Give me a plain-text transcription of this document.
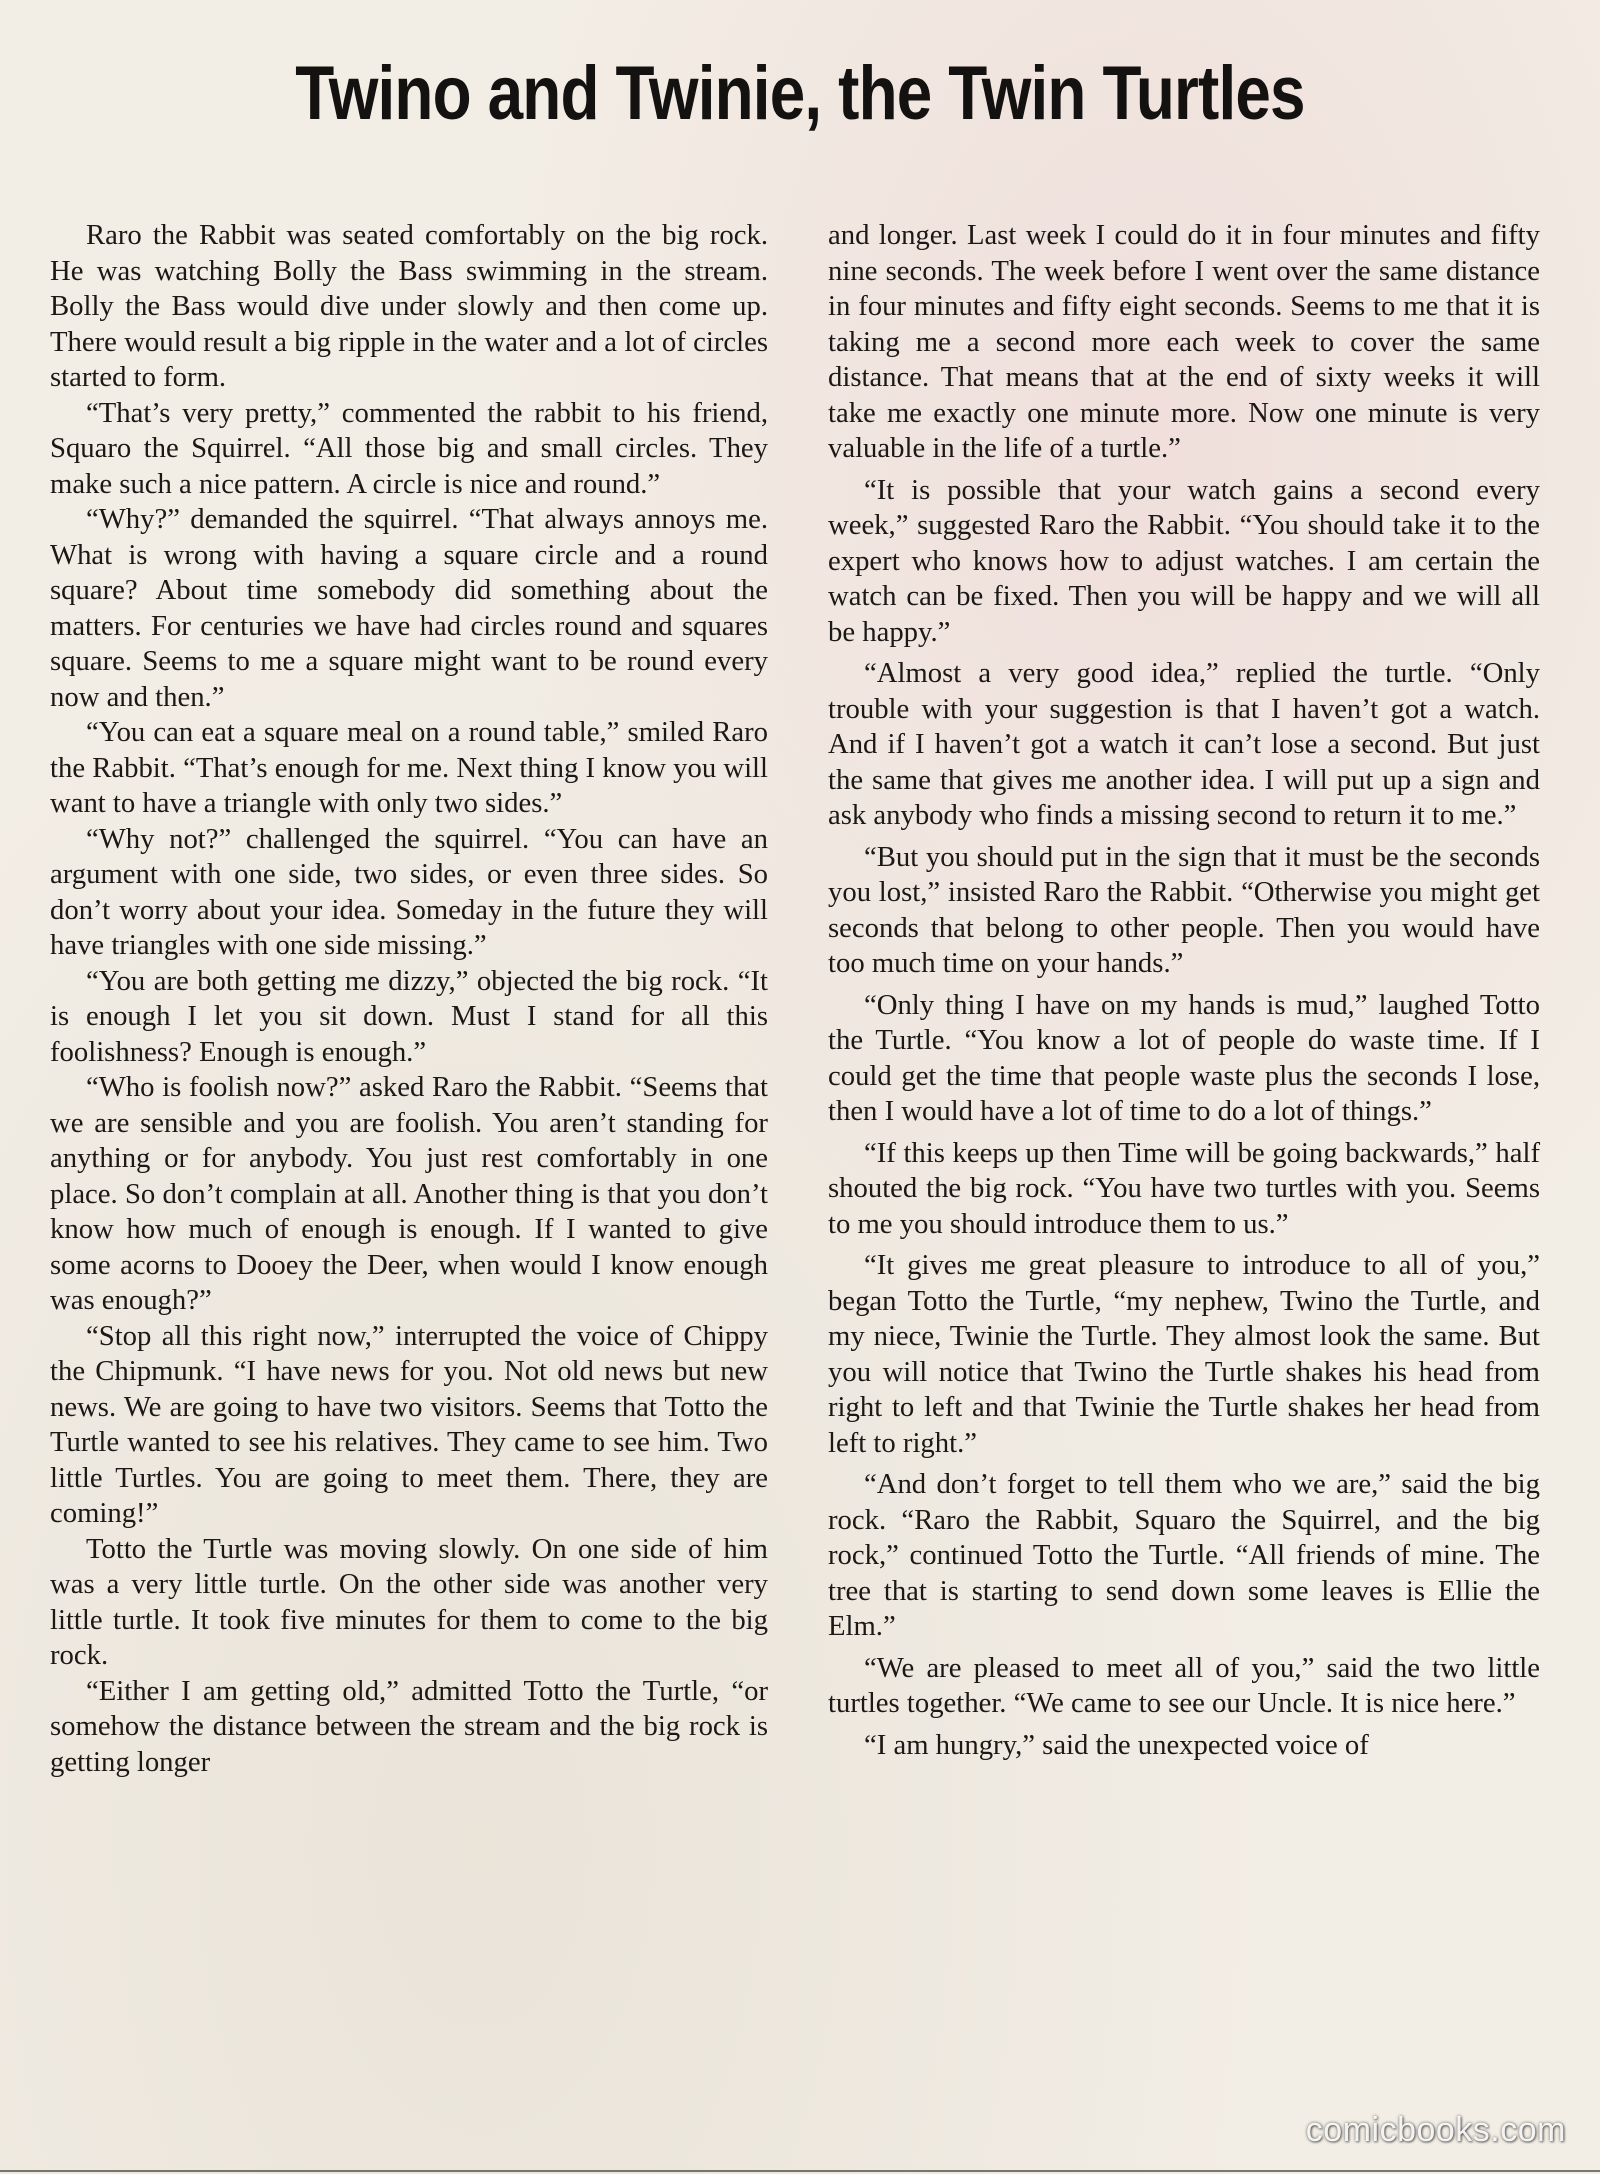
Twino and Twinie, the Twin Turtles

Raro the Rabbit was seated comfortably on the big rock. He was watching Bolly the Bass swimming in the stream. Bolly the Bass would dive under slowly and then come up. There would result a big ripple in the water and a lot of circles started to form.

“That’s very pretty,” commented the rabbit to his friend, Squaro the Squirrel. “All those big and small circles. They make such a nice pattern. A circle is nice and round.”

“Why?” demanded the squirrel. “That always annoys me. What is wrong with having a square circle and a round square? About time somebody did something about the matters. For centuries we have had circles round and squares square. Seems to me a square might want to be round every now and then.”

“You can eat a square meal on a round table,” smiled Raro the Rabbit. “That’s enough for me. Next thing I know you will want to have a triangle with only two sides.”

“Why not?” challenged the squirrel. “You can have an argument with one side, two sides, or even three sides. So don’t worry about your idea. Someday in the future they will have triangles with one side missing.”

“You are both getting me dizzy,” objected the big rock. “It is enough I let you sit down. Must I stand for all this foolishness? Enough is enough.”

“Who is foolish now?” asked Raro the Rabbit. “Seems that we are sensible and you are foolish. You aren’t standing for anything or for anybody. You just rest comfortably in one place. So don’t complain at all. Another thing is that you don’t know how much of enough is enough. If I wanted to give some acorns to Dooey the Deer, when would I know enough was enough?”

“Stop all this right now,” interrupted the voice of Chippy the Chipmunk. “I have news for you. Not old news but new news. We are going to have two visitors. Seems that Totto the Turtle wanted to see his relatives. They came to see him. Two little Turtles. You are going to meet them. There, they are coming!”

Totto the Turtle was moving slowly. On one side of him was a very little turtle. On the other side was another very little turtle. It took five minutes for them to come to the big rock.

“Either I am getting old,” admitted Totto the Turtle, “or somehow the distance between the stream and the big rock is getting longer

and longer. Last week I could do it in four minutes and fifty nine seconds. The week before I went over the same distance in four minutes and fifty eight seconds. Seems to me that it is taking me a second more each week to cover the same distance. That means that at the end of sixty weeks it will take me exactly one minute more. Now one minute is very valuable in the life of a turtle.”

“It is possible that your watch gains a second every week,” suggested Raro the Rabbit. “You should take it to the expert who knows how to adjust watches. I am certain the watch can be fixed. Then you will be happy and we will all be happy.”

“Almost a very good idea,” replied the turtle. “Only trouble with your suggestion is that I haven’t got a watch. And if I haven’t got a watch it can’t lose a second. But just the same that gives me another idea. I will put up a sign and ask anybody who finds a missing second to return it to me.”

“But you should put in the sign that it must be the seconds you lost,” insisted Raro the Rabbit. “Otherwise you might get seconds that belong to other people. Then you would have too much time on your hands.”

“Only thing I have on my hands is mud,” laughed Totto the Turtle. “You know a lot of people do waste time. If I could get the time that people waste plus the seconds I lose, then I would have a lot of time to do a lot of things.”

“If this keeps up then Time will be going backwards,” half shouted the big rock. “You have two turtles with you. Seems to me you should introduce them to us.”

“It gives me great pleasure to introduce to all of you,” began Totto the Turtle, “my nephew, Twino the Turtle, and my niece, Twinie the Turtle. They almost look the same. But you will notice that Twino the Turtle shakes his head from right to left and that Twinie the Turtle shakes her head from left to right.”

“And don’t forget to tell them who we are,” said the big rock. “Raro the Rabbit, Squaro the Squirrel, and the big rock,” continued Totto the Turtle. “All friends of mine. The tree that is starting to send down some leaves is Ellie the Elm.”

“We are pleased to meet all of you,” said the two little turtles together. “We came to see our Uncle. It is nice here.”

“I am hungry,” said the unexpected voice of

comicbooks.com
